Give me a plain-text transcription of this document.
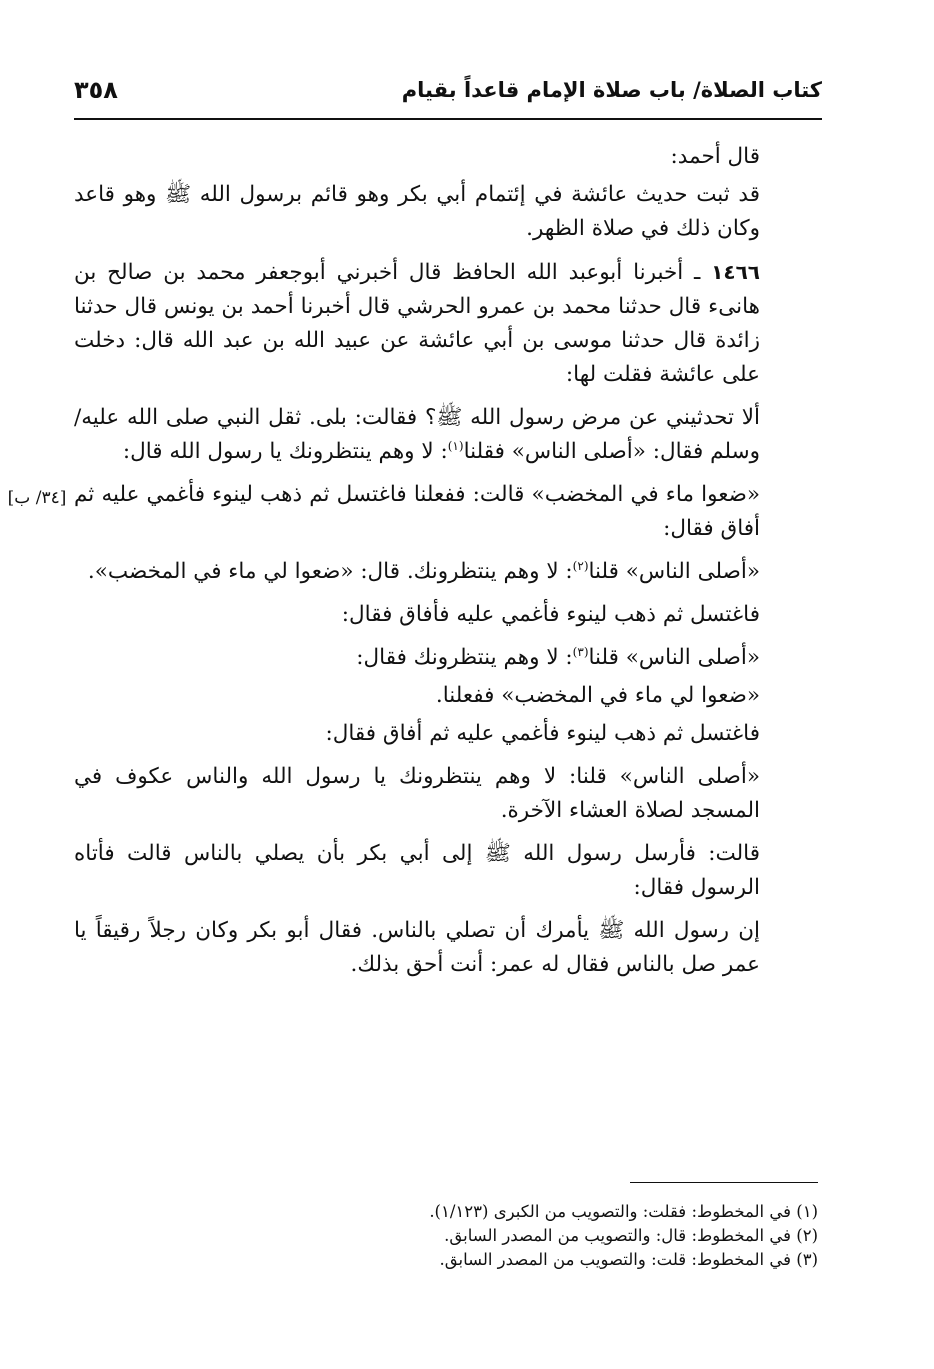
كتاب الصلاة/ باب صلاة الإمام قاعداً بقيام
٣٥٨
[٣٤/ ب]

قال أحمد:

قد ثبت حديث عائشة في إئتمام أبي بكر وهو قائم برسول الله ﷺ وهو قاعد وكان ذلك في صلاة الظهر.

١٤٦٦ ـ أخبرنا أبوعبد الله الحافظ قال أخبرني أبوجعفر محمد بن صالح بن هانىء قال حدثنا محمد بن عمرو الحرشي قال أخبرنا أحمد بن يونس قال حدثنا زائدة قال حدثنا موسى بن أبي عائشة عن عبيد الله بن عبد الله قال: دخلت على عائشة فقلت لها:

ألا تحدثيني عن مرض رسول الله ﷺ؟ فقالت: بلى. ثقل النبي صلى الله عليه/ وسلم فقال: «أصلى الناس» فقلنا$^{(١)}$: لا وهم ينتظرونك يا رسول الله قال:

«ضعوا ماء في المخضب» قالت: ففعلنا فاغتسل ثم ذهب لينوء فأغمي عليه ثم أفاق فقال:

«أصلى الناس» قلنا$^{(٢)}$: لا وهم ينتظرونك. قال: «ضعوا لي ماء في المخضب».

فاغتسل ثم ذهب لينوء فأغمي عليه فأفاق فقال:

«أصلى الناس» قلنا$^{(٣)}$: لا وهم ينتظرونك فقال:

«ضعوا لي ماء في المخضب» ففعلنا.

فاغتسل ثم ذهب لينوء فأغمي عليه ثم أفاق فقال:

«أصلى الناس» قلنا: لا وهم ينتظرونك يا رسول الله والناس عكوف في المسجد لصلاة العشاء الآخرة.

قالت: فأرسل رسول الله ﷺ إلى أبي بكر بأن يصلي بالناس قالت فأتاه الرسول فقال:

إن رسول الله ﷺ يأمرك أن تصلي بالناس. فقال أبو بكر وكان رجلاً رقيقاً يا عمر صل بالناس فقال له عمر: أنت أحق بذلك.

(١) في المخطوط: فقلت: والتصويب من الكبرى (١/١٢٣).
(٢) في المخطوط: قال: والتصويب من المصدر السابق.
(٣) في المخطوط: قلت: والتصويب من المصدر السابق.
